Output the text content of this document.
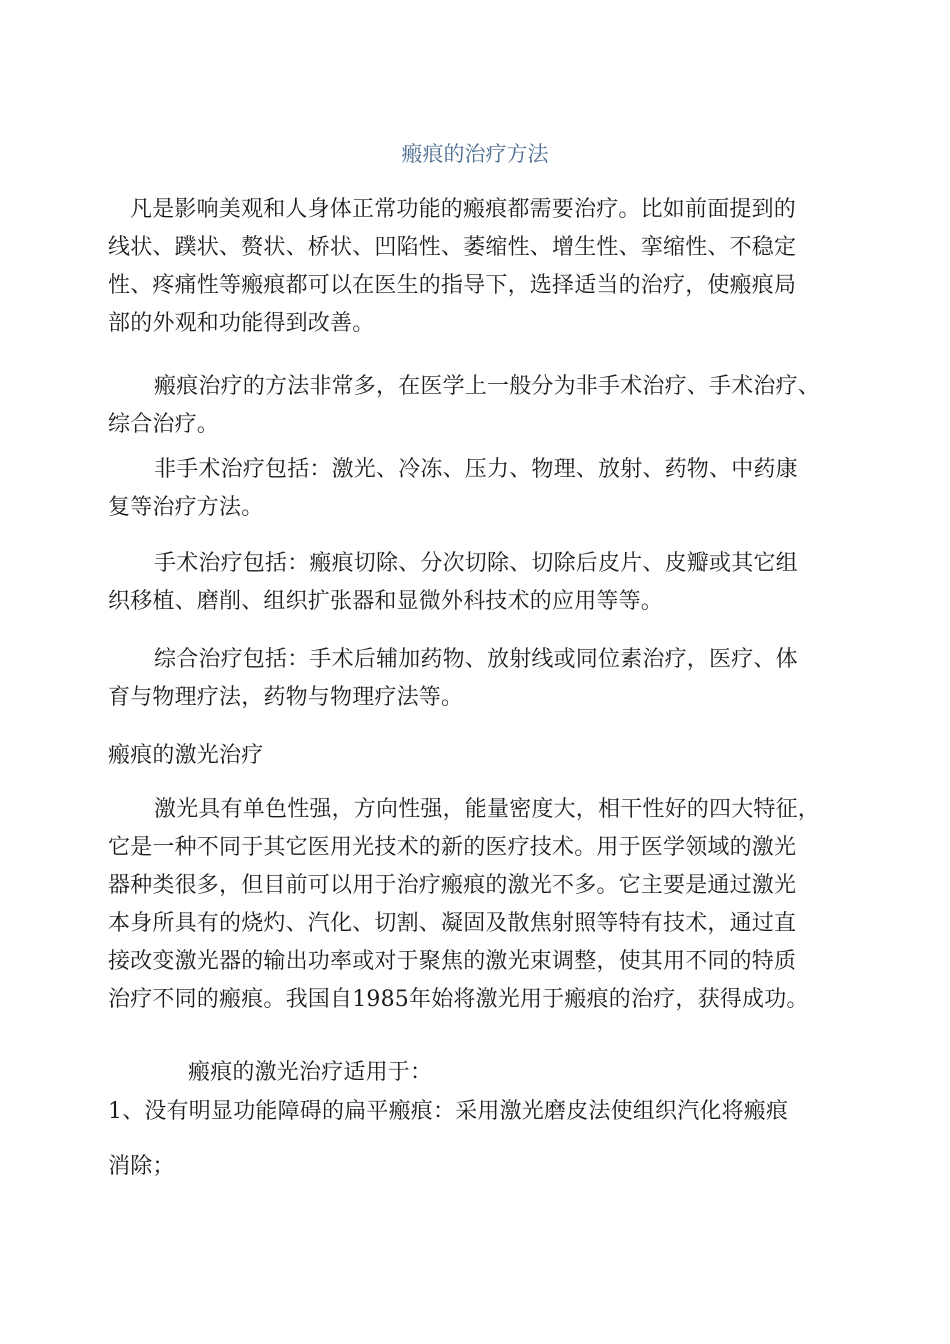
瘢痕的治疗方法

凡是影响美观和人身体正常功能的瘢痕都需要治疗。比如前面提到的
线状、蹼状、赘状、桥状、凹陷性、萎缩性、增生性、挛缩性、不稳定
性、疼痛性等瘢痕都可以在医生的指导下，选择适当的治疗，使瘢痕局
部的外观和功能得到改善。

瘢痕治疗的方法非常多，在医学上一般分为非手术治疗、手术治疗、
综合治疗。

非手术治疗包括：激光、冷冻、压力、物理、放射、药物、中药康
复等治疗方法。

手术治疗包括：瘢痕切除、分次切除、切除后皮片、皮瓣或其它组
织移植、磨削、组织扩张器和显微外科技术的应用等等。

综合治疗包括：手术后辅加药物、放射线或同位素治疗，医疗、体
育与物理疗法，药物与物理疗法等。

瘢痕的激光治疗

激光具有单色性强，方向性强，能量密度大，相干性好的四大特征，
它是一种不同于其它医用光技术的新的医疗技术。用于医学领域的激光
器种类很多，但目前可以用于治疗瘢痕的激光不多。它主要是通过激光
本身所具有的烧灼、汽化、切割、凝固及散焦射照等特有技术，通过直
接改变激光器的输出功率或对于聚焦的激光束调整，使其用不同的特质
治疗不同的瘢痕。我国自1985年始将激光用于瘢痕的治疗，获得成功。

瘢痕的激光治疗适用于：

1、没有明显功能障碍的扁平瘢痕：采用激光磨皮法使组织汽化将瘢痕

消除；
